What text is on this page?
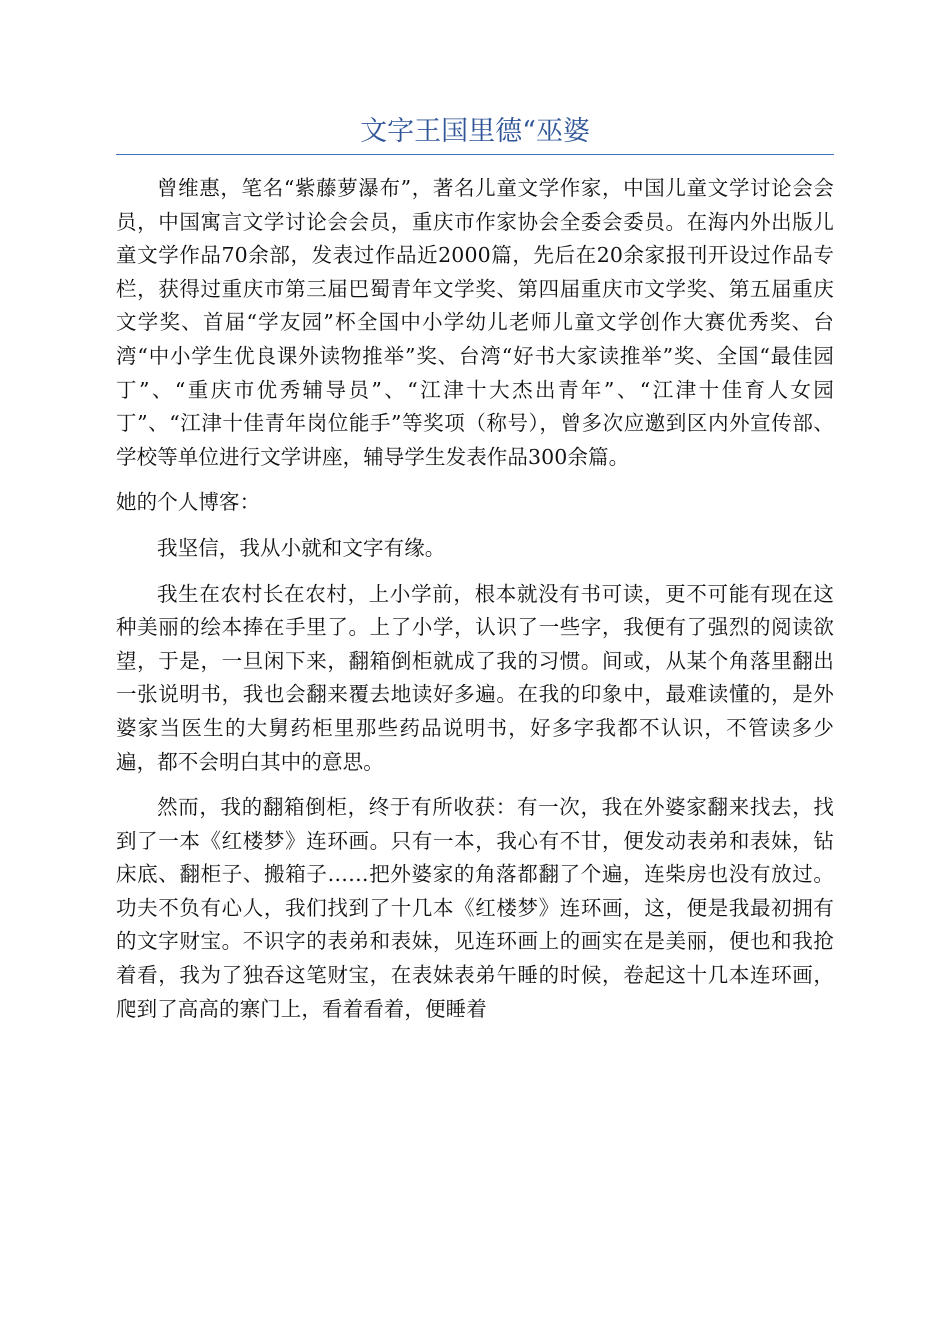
文字王国里德“巫婆

曾维惠，笔名“紫藤萝瀑布”，著名儿童文学作家，中国儿童文学讨论会会员，中国寓言文学讨论会会员，重庆市作家协会全委会委员。在海内外出版儿童文学作品70余部，发表过作品近2000篇，先后在20余家报刊开设过作品专栏，获得过重庆市第三届巴蜀青年文学奖、第四届重庆市文学奖、第五届重庆文学奖、首届“学友园”杯全国中小学幼儿老师儿童文学创作大赛优秀奖、台湾“中小学生优良课外读物推举”奖、台湾“好书大家读推举”奖、全国“最佳园丁”、“重庆市优秀辅导员”、“江津十大杰出青年”、“江津十佳育人女园丁”、“江津十佳青年岗位能手”等奖项（称号），曾多次应邀到区内外宣传部、学校等单位进行文学讲座，辅导学生发表作品300余篇。

她的个人博客：

我坚信，我从小就和文字有缘。

我生在农村长在农村，上小学前，根本就没有书可读，更不可能有现在这种美丽的绘本捧在手里了。上了小学，认识了一些字，我便有了强烈的阅读欲望，于是，一旦闲下来，翻箱倒柜就成了我的习惯。间或，从某个角落里翻出一张说明书，我也会翻来覆去地读好多遍。在我的印象中，最难读懂的，是外婆家当医生的大舅药柜里那些药品说明书，好多字我都不认识，不管读多少遍，都不会明白其中的意思。

然而，我的翻箱倒柜，终于有所收获：有一次，我在外婆家翻来找去，找到了一本《红楼梦》连环画。只有一本，我心有不甘，便发动表弟和表妹，钻床底、翻柜子、搬箱子……把外婆家的角落都翻了个遍，连柴房也没有放过。功夫不负有心人，我们找到了十几本《红楼梦》连环画，这，便是我最初拥有的文字财宝。不识字的表弟和表妹，见连环画上的画实在是美丽，便也和我抢着看，我为了独吞这笔财宝，在表妹表弟午睡的时候，卷起这十几本连环画，爬到了高高的寨门上，看着看着，便睡着
